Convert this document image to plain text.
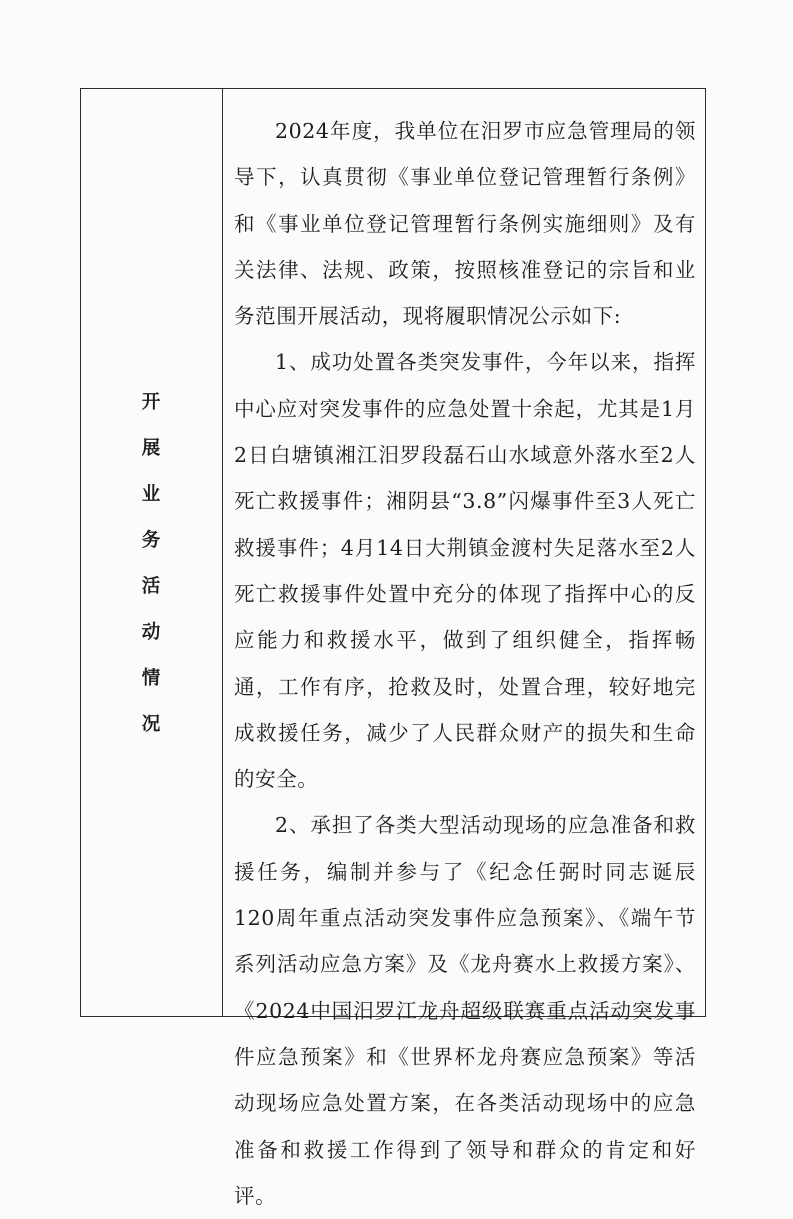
开
展
业
务
活
动
情
况

2024年度，我单位在汨罗市应急管理局的领导下，认真贯彻《事业单位登记管理暂行条例》和《事业单位登记管理暂行条例实施细则》及有关法律、法规、政策，按照核准登记的宗旨和业务范围开展活动，现将履职情况公示如下:

1、成功处置各类突发事件，今年以来，指挥中心应对突发事件的应急处置十余起，尤其是1月2日白塘镇湘江汨罗段磊石山水域意外落水至2人死亡救援事件；湘阴县“3.8”闪爆事件至3人死亡救援事件；4月14日大荆镇金渡村失足落水至2人死亡救援事件处置中充分的体现了指挥中心的反应能力和救援水平，做到了组织健全，指挥畅通，工作有序，抢救及时，处置合理，较好地完成救援任务，减少了人民群众财产的损失和生命的安全。

2、承担了各类大型活动现场的应急准备和救援任务，编制并参与了《纪念任弼时同志诞辰120周年重点活动突发事件应急预案》、《端午节系列活动应急方案》及《龙舟赛水上救援方案》、《2024中国汨罗江龙舟超级联赛重点活动突发事件应急预案》和《世界杯龙舟赛应急预案》等活动现场应急处置方案，在各类活动现场中的应急准备和救援工作得到了领导和群众的肯定和好评。
